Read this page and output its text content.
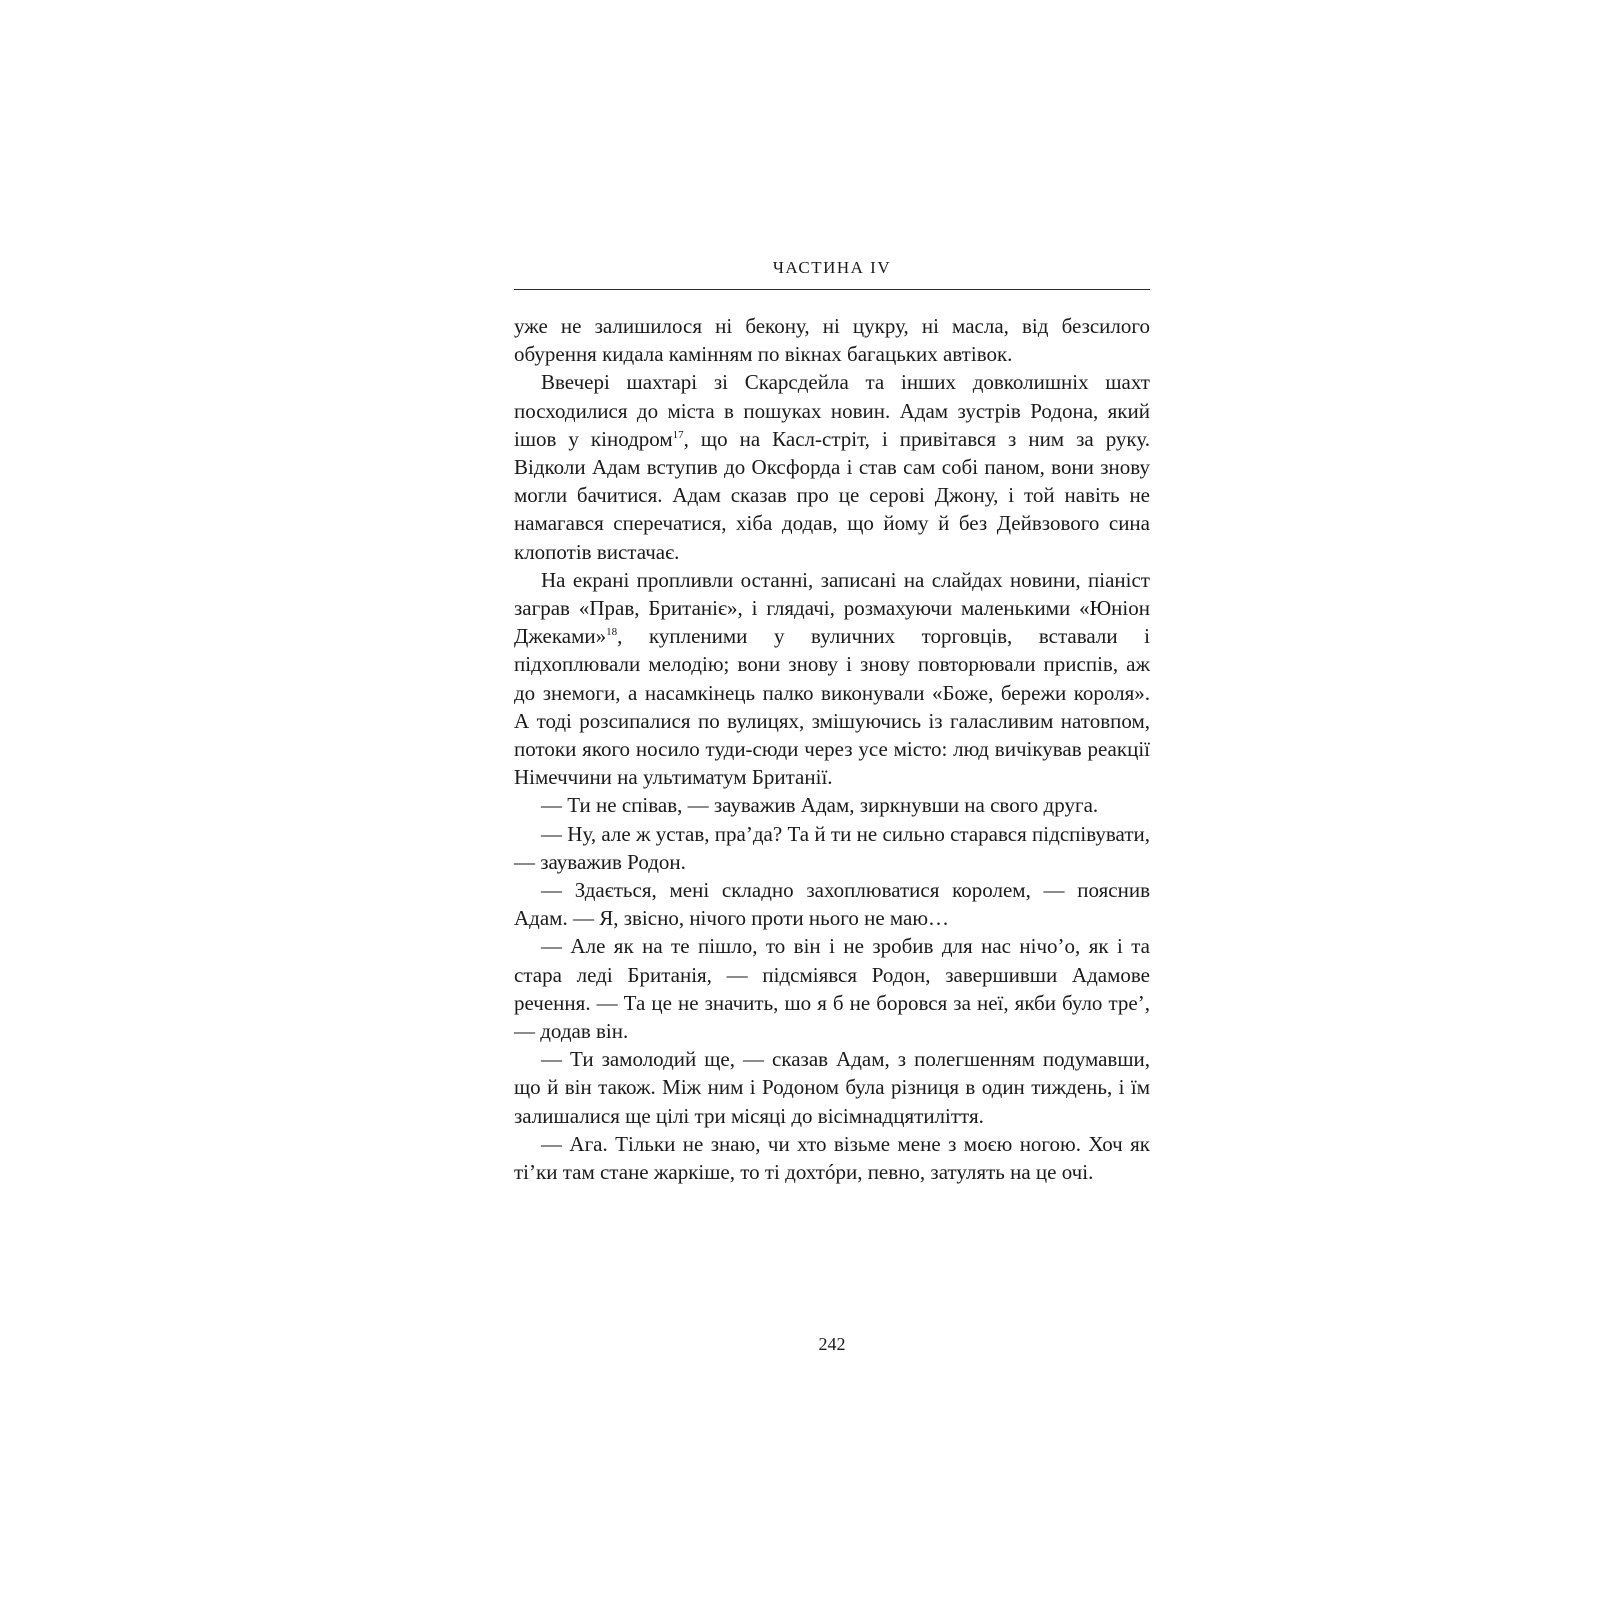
ЧАСТИНА IV

уже не залишилося ні бекону, ні цукру, ні масла, від безсилого обурення кидала камінням по вікнах багацьких автівок.

Ввечері шахтарі зі Скарсдейла та інших довколишніх шахт посходилися до міста в пошуках новин. Адам зустрів Родона, який ішов у кінодром$^{17}$, що на Касл-стріт, і привітався з ним за руку. Відколи Адам вступив до Оксфорда і став сам собі паном, вони знову могли бачитися. Адам сказав про це серові Джону, і той навіть не намагався сперечатися, хіба додав, що йому й без Дейвзового сина клопотів вистачає.

На екрані пропливли останні, записані на слайдах новини, піаніст заграв «Прав, Британіє», і глядачі, розмахуючи маленькими «Юніон Джеками»$^{18}$, купленими у вуличних торговців, вставали і підхоплювали мелодію; вони знову і знову повторювали приспів, аж до знемоги, а насамкінець палко виконували «Боже, бережи короля». А тоді розсипалися по вулицях, змішуючись із галасливим натовпом, потоки якого носило туди-сюди через усе місто: люд вичікував реакції Німеччини на ультиматум Британії.

— Ти не співав, — зауважив Адам, зиркнувши на свого друга.

— Ну, але ж устав, пра’да? Та й ти не сильно старався підспівувати, — зауважив Родон.

— Здається, мені складно захоплюватися королем, — пояснив Адам. — Я, звісно, нічого проти нього не маю…

— Але як на те пішло, то він і не зробив для нас нічо’о, як і та стара леді Британія, — підсміявся Родон, завершивши Адамове речення. — Та це не значить, шо я б не боровся за неї, якби було тре’, — додав він.

— Ти замолодий ще, — сказав Адам, з полегшенням подумавши, що й він також. Між ним і Родоном була різниця в один тиждень, і їм залишалися ще цілі три місяці до вісімнадцятиліття.

— Ага. Тільки не знаю, чи хто візьме мене з моєю ногою. Хоч як ті’ки там стане жаркіше, то ті дохтóри, певно, затулять на це очі.

242
